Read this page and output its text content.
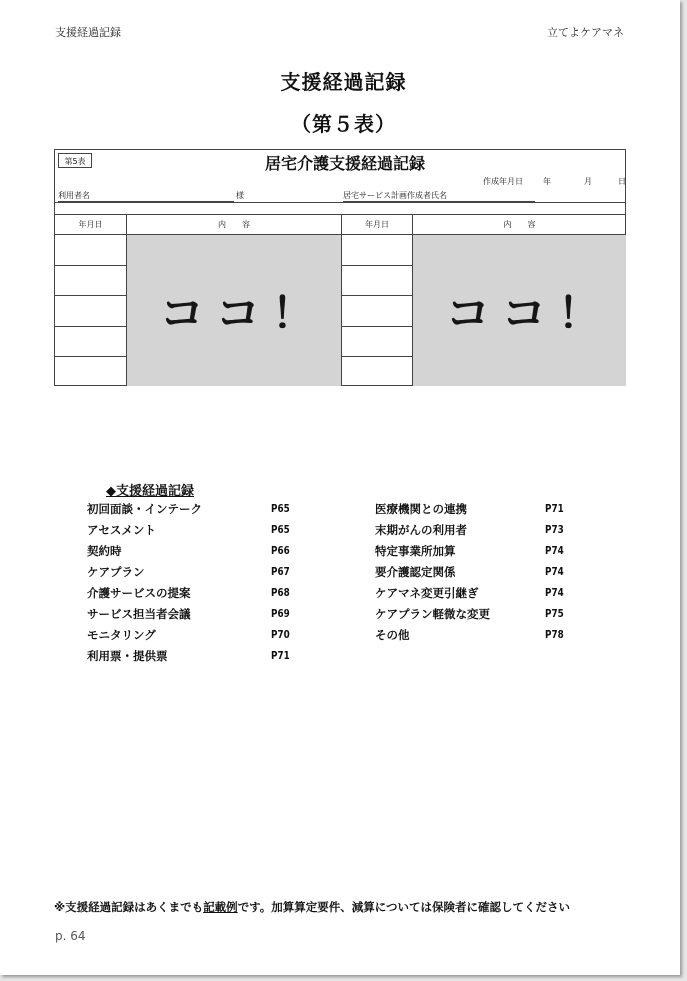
支援経過記録	立てよケアマネ
支援経過記録
（第５表）
第5表	居宅介護支援経過記録
作成年月日	年	月	日
利用者名	様	居宅サービス計画作成者氏名
年月日	内　　容	年月日	内　　容
ココ！	ココ！
◆支援経過記録
初回面談・インテーク	P65
アセスメント	P65
契約時	P66
ケアプラン	P67
介護サービスの提案	P68
サービス担当者会議	P69
モニタリング	P70
利用票・提供票	P71
医療機関との連携	P71
末期がんの利用者	P73
特定事業所加算	P74
要介護認定関係	P74
ケアマネ変更引継ぎ	P74
ケアプラン軽微な変更	P75
その他	P78
※支援経過記録はあくまでも記載例です。加算算定要件、減算については保険者に確認してください
p. 64
